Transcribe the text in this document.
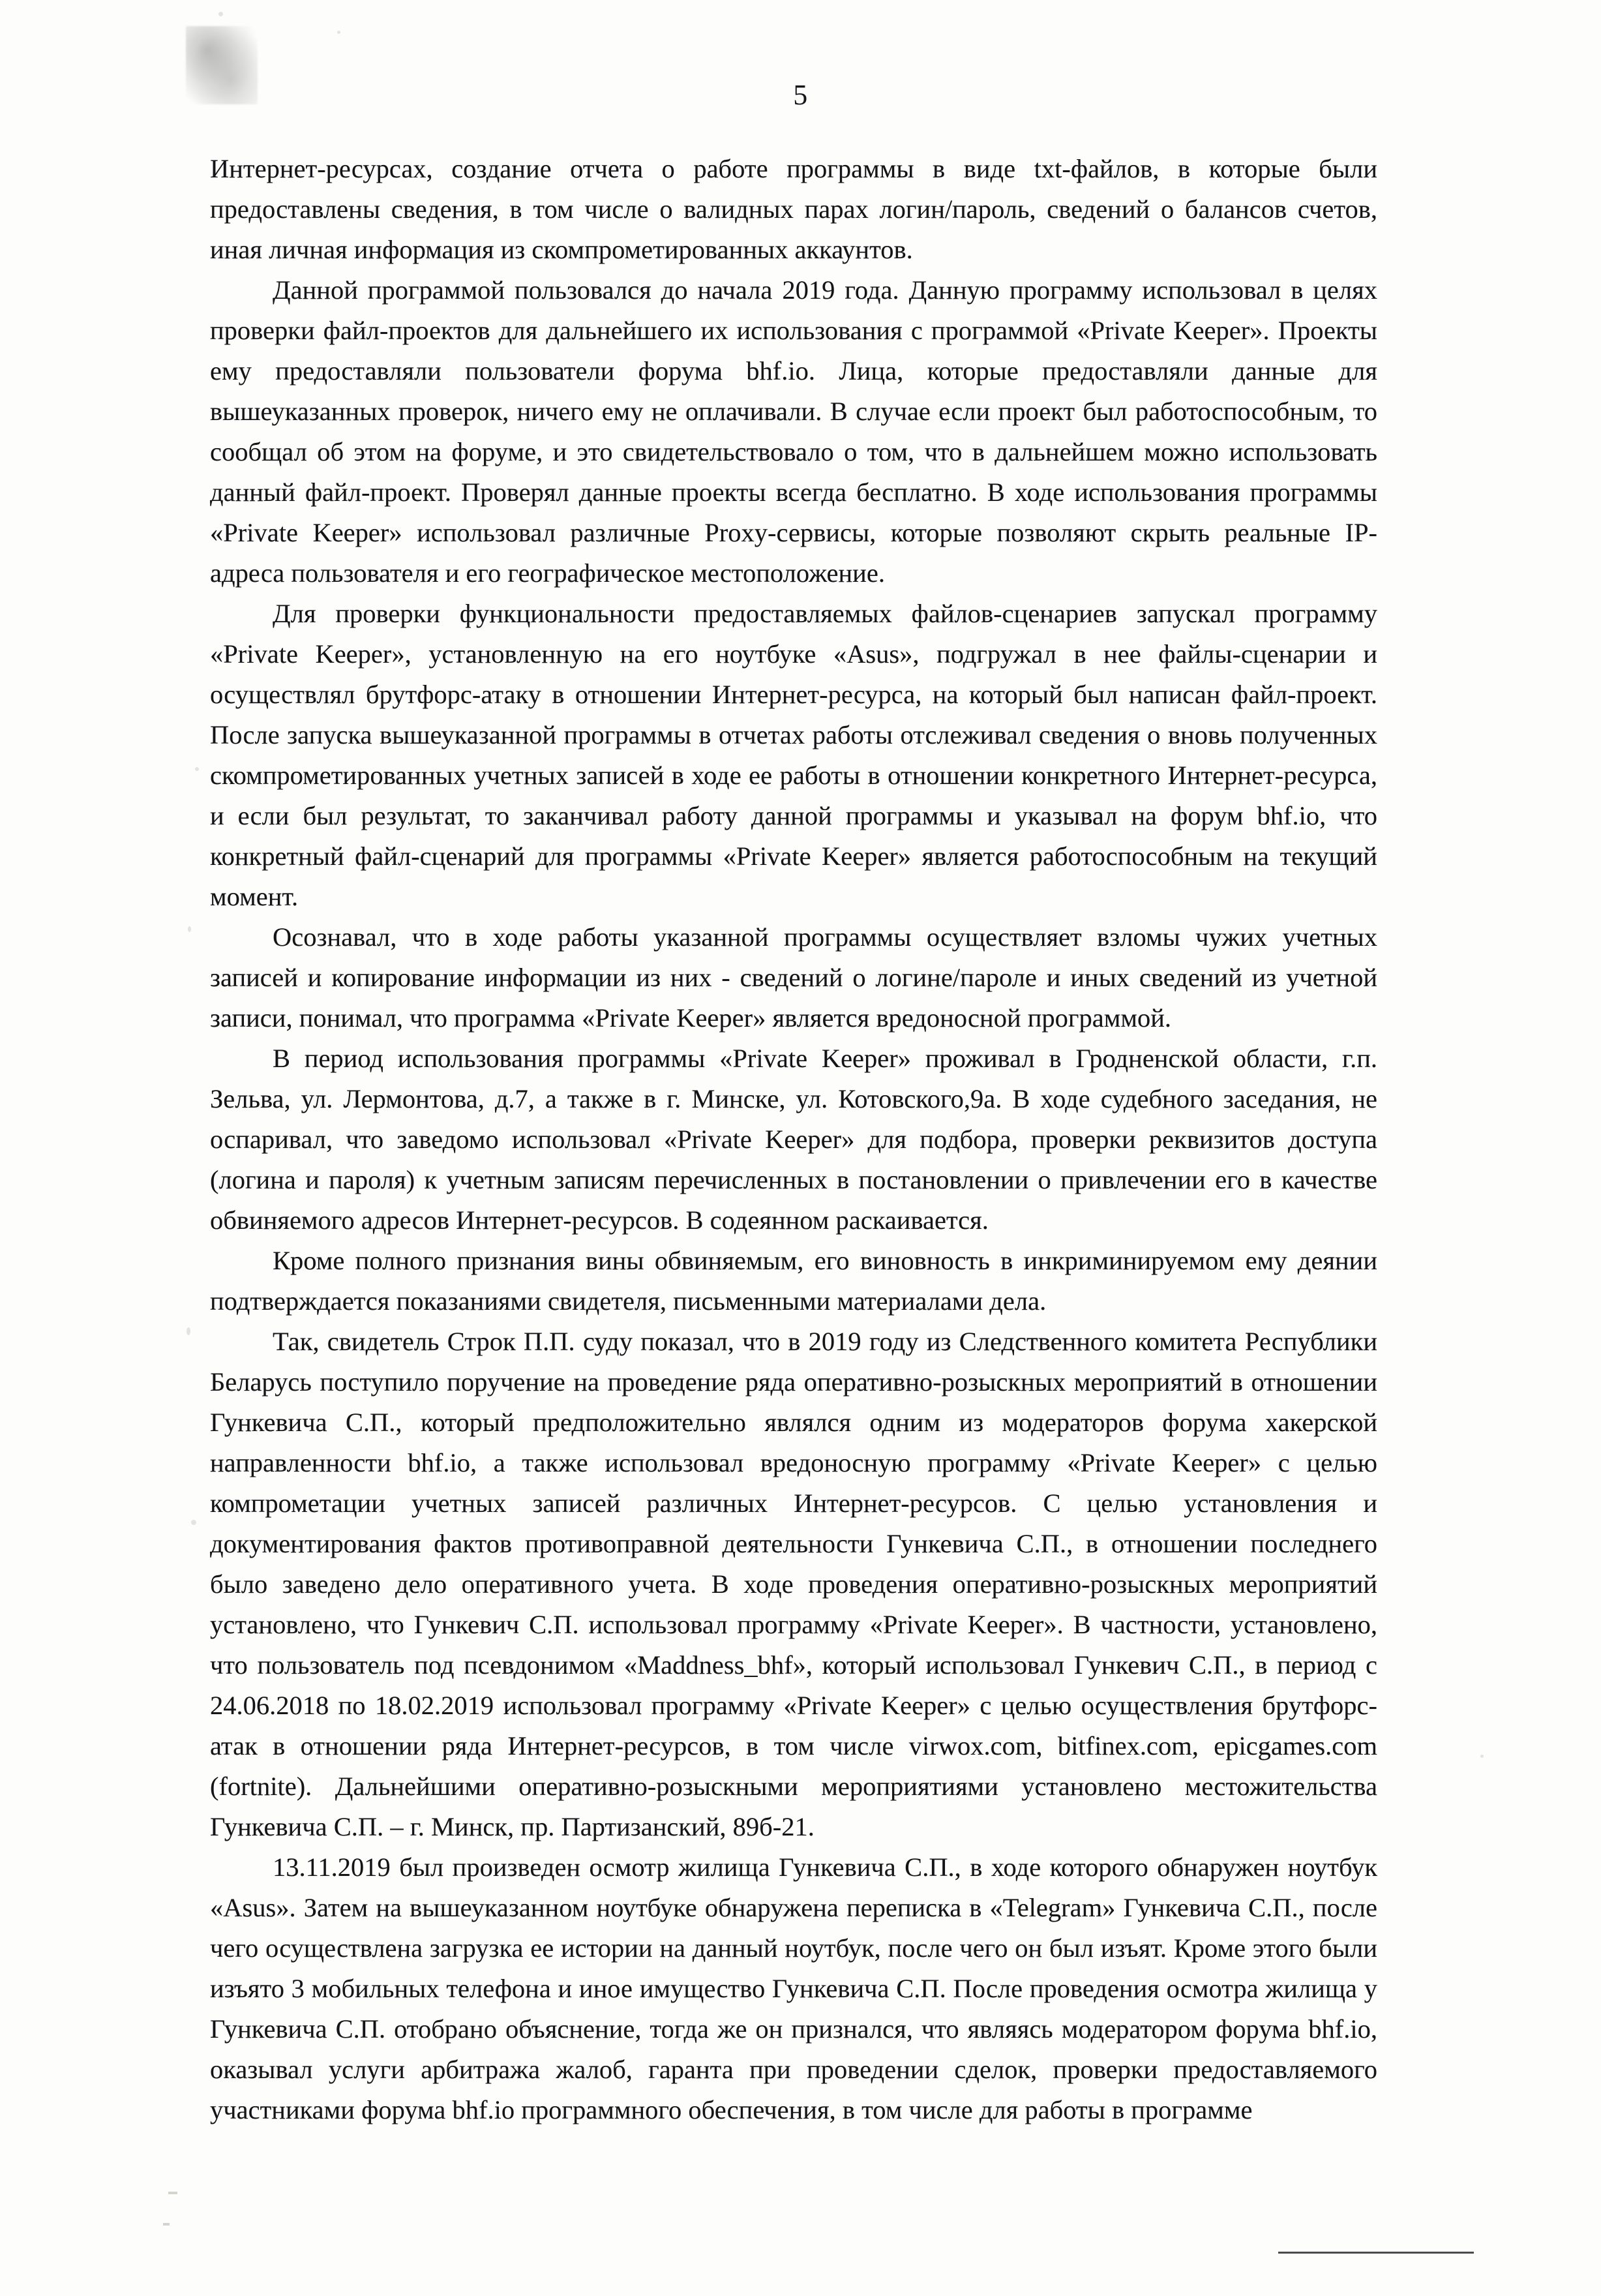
5

Интернет-ресурсах, создание отчета о работе программы в виде txt-файлов, в которые были предоставлены сведения, в том числе о валидных парах логин/пароль, сведений о балансов счетов, иная личная информация из скомпрометированных аккаунтов.

Данной программой пользовался до начала 2019 года. Данную программу использовал в целях проверки файл-проектов для дальнейшего их использования с программой «Private Keeper». Проекты ему предоставляли пользователи форума bhf.io. Лица, которые предоставляли данные для вышеуказанных проверок, ничего ему не оплачивали. В случае если проект был работоспособным, то сообщал об этом на форуме, и это свидетельствовало о том, что в дальнейшем можно использовать данный файл-проект. Проверял данные проекты всегда бесплатно. В ходе использования программы «Private Keeper» использовал различные Proxy-сервисы, которые позволяют скрыть реальные IP-адреса пользователя и его географическое местоположение.

Для проверки функциональности предоставляемых файлов-сценариев запускал программу «Private Keeper», установленную на его ноутбуке «Asus», подгружал в нее файлы-сценарии и осуществлял брутфорс-атаку в отношении Интернет-ресурса, на который был написан файл-проект. После запуска вышеуказанной программы в отчетах работы отслеживал сведения о вновь полученных скомпрометированных учетных записей в ходе ее работы в отношении конкретного Интернет-ресурса, и если был результат, то заканчивал работу данной программы и указывал на форум bhf.io, что конкретный файл-сценарий для программы «Private Keeper» является работоспособным на текущий момент.

Осознавал, что в ходе работы указанной программы осуществляет взломы чужих учетных записей и копирование информации из них - сведений о логине/пароле и иных сведений из учетной записи, понимал, что программа «Private Keeper» является вредоносной программой.

В период использования программы «Private Keeper» проживал в Гродненской области, г.п. Зельва, ул. Лермонтова, д.7, а также в г. Минске, ул. Котовского,9а. В ходе судебного заседания, не оспаривал, что заведомо использовал «Private Keeper» для подбора, проверки реквизитов доступа (логина и пароля) к учетным записям перечисленных в постановлении о привлечении его в качестве обвиняемого адресов Интернет-ресурсов. В содеянном раскаивается.

Кроме полного признания вины обвиняемым, его виновность в инкриминируемом ему деянии подтверждается показаниями свидетеля, письменными материалами дела.

Так, свидетель Строк П.П. суду показал, что в 2019 году из Следственного комитета Республики Беларусь поступило поручение на проведение ряда оперативно-розыскных мероприятий в отношении Гункевича С.П., который предположительно являлся одним из модераторов форума хакерской направленности bhf.io, а также использовал вредоносную программу «Private Keeper» с целью компрометации учетных записей различных Интернет-ресурсов. С целью установления и документирования фактов противоправной деятельности Гункевича С.П., в отношении последнего было заведено дело оперативного учета. В ходе проведения оперативно-розыскных мероприятий установлено, что Гункевич С.П. использовал программу «Private Keeper». В частности, установлено, что пользователь под псевдонимом «Maddness_bhf», который использовал Гункевич С.П., в период с 24.06.2018 по 18.02.2019 использовал программу «Private Keeper» с целью осуществления брутфорс-атак в отношении ряда Интернет-ресурсов, в том числе virwox.com, bitfinex.com, epicgames.com (fortnite). Дальнейшими оперативно-розыскными мероприятиями установлено местожительства Гункевича С.П. – г. Минск, пр. Партизанский, 89б-21.

13.11.2019 был произведен осмотр жилища Гункевича С.П., в ходе которого обнаружен ноутбук «Asus». Затем на вышеуказанном ноутбуке обнаружена переписка в «Telegram» Гункевича С.П., после чего осуществлена загрузка ее истории на данный ноутбук, после чего он был изъят. Кроме этого были изъято 3 мобильных телефона и иное имущество Гункевича С.П. После проведения осмотра жилища у Гункевича С.П. отобрано объяснение, тогда же он признался, что являясь модератором форума bhf.io, оказывал услуги арбитража жалоб, гаранта при проведении сделок, проверки предоставляемого участниками форума bhf.io программного обеспечения, в том числе для работы в программе
